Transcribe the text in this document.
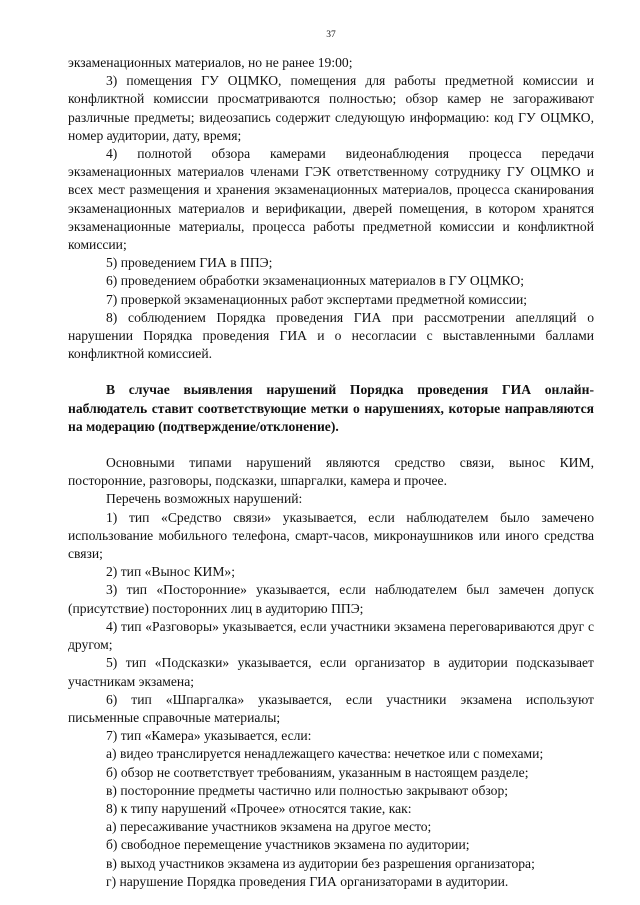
37

экзаменационных материалов, но не ранее 19:00;

3) помещения ГУ ОЦМКО, помещения для работы предметной комиссии и конфликтной комиссии просматриваются полностью; обзор камер не загораживают различные предметы; видеозапись содержит следующую информацию: код ГУ ОЦМКО, номер аудитории, дату, время;

4) полнотой обзора камерами видеонаблюдения процесса передачи экзаменационных материалов членами ГЭК ответственному сотруднику ГУ ОЦМКО и всех мест размещения и хранения экзаменационных материалов, процесса сканирования экзаменационных материалов и верификации, дверей помещения, в котором хранятся экзаменационные материалы, процесса работы предметной комиссии и конфликтной комиссии;

5) проведением ГИА в ППЭ;

6) проведением обработки экзаменационных материалов в ГУ ОЦМКО;

7) проверкой экзаменационных работ экспертами предметной комиссии;

8) соблюдением Порядка проведения ГИА при рассмотрении апелляций о нарушении Порядка проведения ГИА и о несогласии с выставленными баллами конфликтной комиссией.

В случае выявления нарушений Порядка проведения ГИА онлайн-наблюдатель ставит соответствующие метки о нарушениях, которые направляются на модерацию (подтверждение/отклонение).

Основными типами нарушений являются средство связи, вынос КИМ, посторонние, разговоры, подсказки, шпаргалки, камера и прочее.

Перечень возможных нарушений:

1) тип «Средство связи» указывается, если наблюдателем было замечено использование мобильного телефона, смарт-часов, микронаушников или иного средства связи;

2) тип «Вынос КИМ»;

3) тип «Посторонние» указывается, если наблюдателем был замечен допуск (присутствие) посторонних лиц в аудиторию ППЭ;

4) тип «Разговоры» указывается, если участники экзамена переговариваются друг с другом;

5) тип «Подсказки» указывается, если организатор в аудитории подсказывает участникам экзамена;

6) тип «Шпаргалка» указывается, если участники экзамена используют письменные справочные материалы;

7) тип «Камера» указывается, если:

а) видео транслируется ненадлежащего качества: нечеткое или с помехами;

б) обзор не соответствует требованиям, указанным в настоящем разделе;

в) посторонние предметы частично или полностью закрывают обзор;

8) к типу нарушений «Прочее» относятся такие, как:

а) пересаживание участников экзамена на другое место;

б) свободное перемещение участников экзамена по аудитории;

в) выход участников экзамена из аудитории без разрешения организатора;

г) нарушение Порядка проведения ГИА организаторами в аудитории.
